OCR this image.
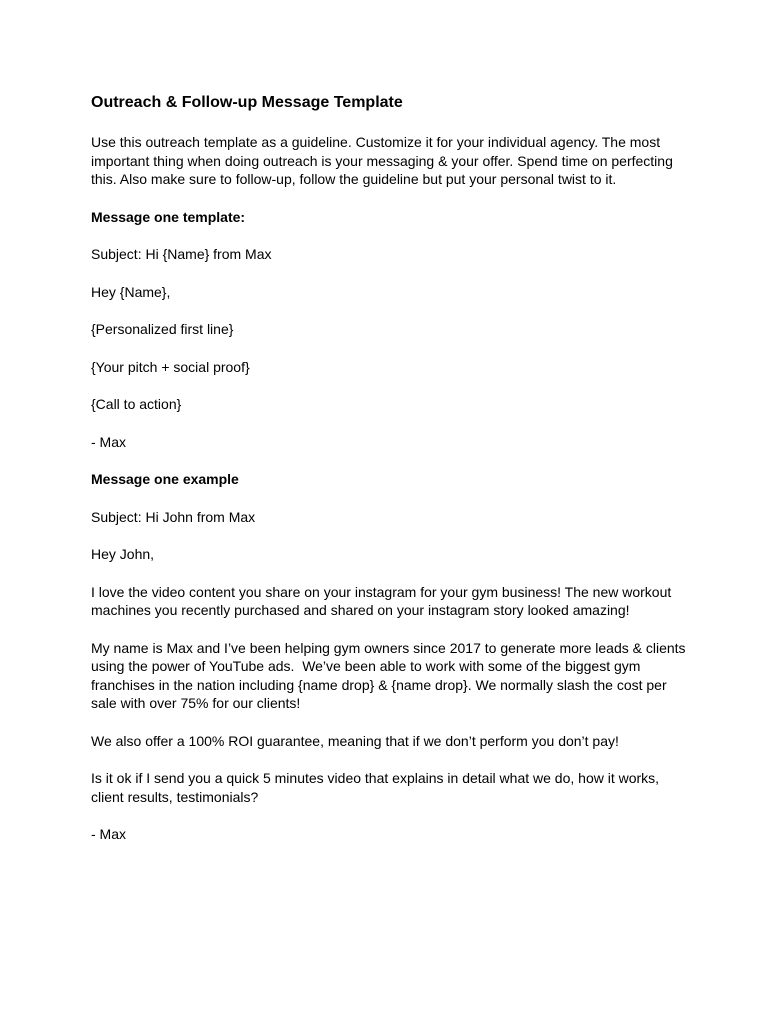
Outreach & Follow-up Message Template
Use this outreach template as a guideline. Customize it for your individual agency. The most important thing when doing outreach is your messaging & your offer. Spend time on perfecting this. Also make sure to follow-up, follow the guideline but put your personal twist to it.
Message one template:
Subject: Hi {Name} from Max
Hey {Name},
{Personalized first line}
{Your pitch + social proof}
{Call to action}
- Max
Message one example
Subject: Hi John from Max
Hey John,
I love the video content you share on your instagram for your gym business! The new workout machines you recently purchased and shared on your instagram story looked amazing!
My name is Max and I’ve been helping gym owners since 2017 to generate more leads & clients using the power of YouTube ads.  We’ve been able to work with some of the biggest gym franchises in the nation including {name drop} & {name drop}. We normally slash the cost per sale with over 75% for our clients!
We also offer a 100% ROI guarantee, meaning that if we don’t perform you don’t pay!
Is it ok if I send you a quick 5 minutes video that explains in detail what we do, how it works, client results, testimonials?
- Max
